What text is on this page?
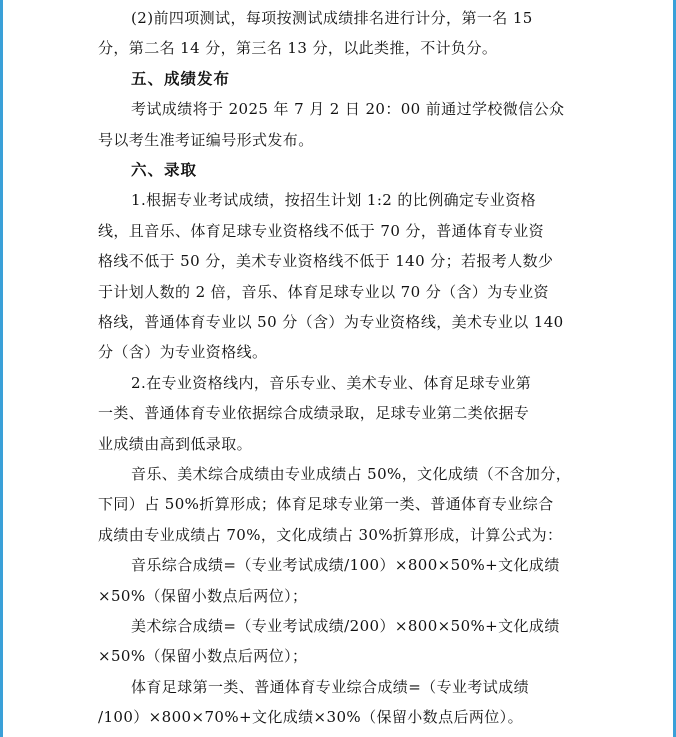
(2)前四项测试，每项按测试成绩排名进行计分，第一名 15
分，第二名 14 分，第三名 13 分，以此类推，不计负分。
五、成绩发布
考试成绩将于 2025 年 7 月 2 日 20：00 前通过学校微信公众
号以考生准考证编号形式发布。
六、录取
1.根据专业考试成绩，按招生计划 1:2 的比例确定专业资格
线，且音乐、体育足球专业资格线不低于 70 分，普通体育专业资
格线不低于 50 分，美术专业资格线不低于 140 分；若报考人数少
于计划人数的 2 倍，音乐、体育足球专业以 70 分（含）为专业资
格线，普通体育专业以 50 分（含）为专业资格线，美术专业以 140
分（含）为专业资格线。
2.在专业资格线内，音乐专业、美术专业、体育足球专业第
一类、普通体育专业依据综合成绩录取，足球专业第二类依据专
业成绩由高到低录取。
音乐、美术综合成绩由专业成绩占 50%，文化成绩（不含加分，
下同）占 50%折算形成；体育足球专业第一类、普通体育专业综合
成绩由专业成绩占 70%，文化成绩占 30%折算形成，计算公式为：
音乐综合成绩=（专业考试成绩/100）×800×50%+文化成绩
×50%（保留小数点后两位）；
美术综合成绩=（专业考试成绩/200）×800×50%+文化成绩
×50%（保留小数点后两位）；
体育足球第一类、普通体育专业综合成绩=（专业考试成绩
/100）×800×70%+文化成绩×30%（保留小数点后两位）。
